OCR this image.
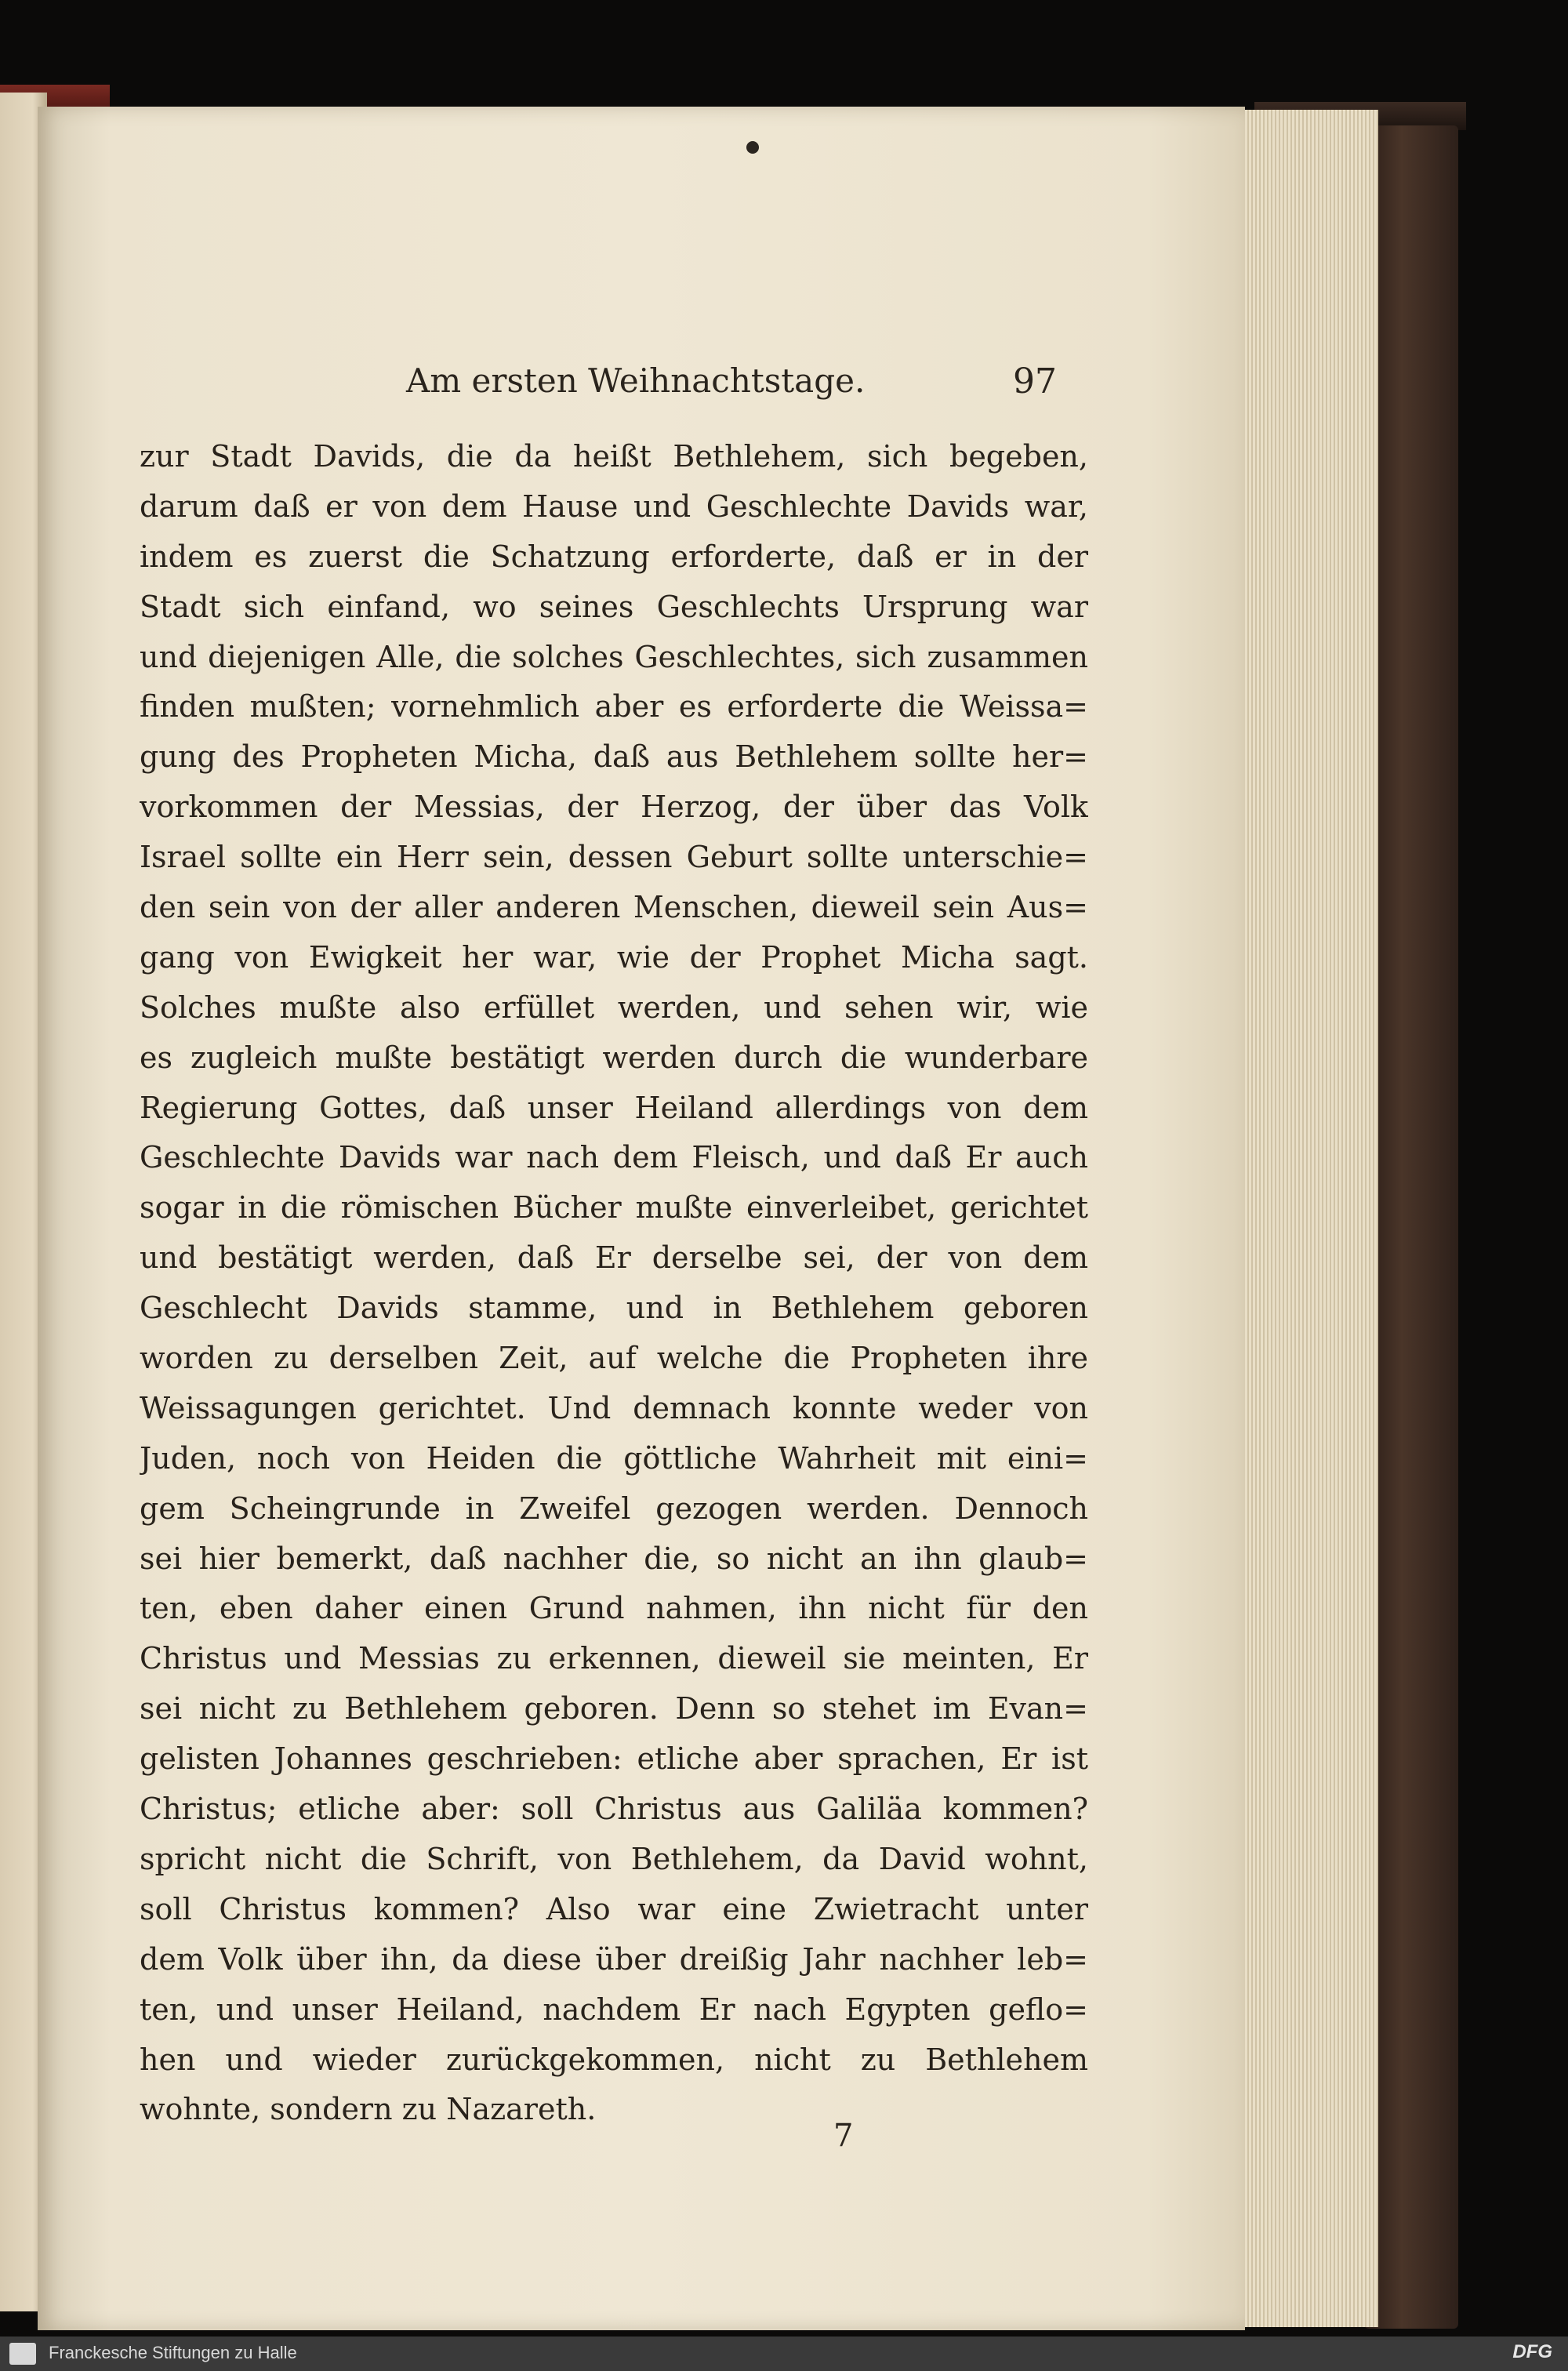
Am ersten Weihnachtstage.	97
zur Stadt Davids, die da heißt Bethlehem, sich begeben,
darum daß er von dem Hause und Geschlechte Davids war,
indem es zuerst die Schatzung erforderte, daß er in der
Stadt sich einfand, wo seines Geschlechts Ursprung war
und diejenigen Alle, die solches Geschlechtes, sich zusammen
finden mußten; vornehmlich aber es erforderte die Weissa=
gung des Propheten Micha, daß aus Bethlehem sollte her=
vorkommen der Messias, der Herzog, der über das Volk
Israel sollte ein Herr sein, dessen Geburt sollte unterschie=
den sein von der aller anderen Menschen, dieweil sein Aus=
gang von Ewigkeit her war, wie der Prophet Micha sagt.
Solches mußte also erfüllet werden, und sehen wir, wie
es zugleich mußte bestätigt werden durch die wunderbare
Regierung Gottes, daß unser Heiland allerdings von dem
Geschlechte Davids war nach dem Fleisch, und daß Er auch
sogar in die römischen Bücher mußte einverleibet, gerichtet
und bestätigt werden, daß Er derselbe sei, der von dem
Geschlecht Davids stamme, und in Bethlehem geboren
worden zu derselben Zeit, auf welche die Propheten ihre
Weissagungen gerichtet. Und demnach konnte weder von
Juden, noch von Heiden die göttliche Wahrheit mit eini=
gem Scheingrunde in Zweifel gezogen werden. Dennoch
sei hier bemerkt, daß nachher die, so nicht an ihn glaub=
ten, eben daher einen Grund nahmen, ihn nicht für den
Christus und Messias zu erkennen, dieweil sie meinten, Er
sei nicht zu Bethlehem geboren. Denn so stehet im Evan=
gelisten Johannes geschrieben: etliche aber sprachen, Er ist
Christus; etliche aber: soll Christus aus Galiläa kommen?
spricht nicht die Schrift, von Bethlehem, da David wohnt,
soll Christus kommen? Also war eine Zwietracht unter
dem Volk über ihn, da diese über dreißig Jahr nachher leb=
ten, und unser Heiland, nachdem Er nach Egypten geflo=
hen und wieder zurückgekommen, nicht zu Bethlehem
wohnte, sondern zu Nazareth.
7
Franckesche Stiftungen zu Halle	DFG
